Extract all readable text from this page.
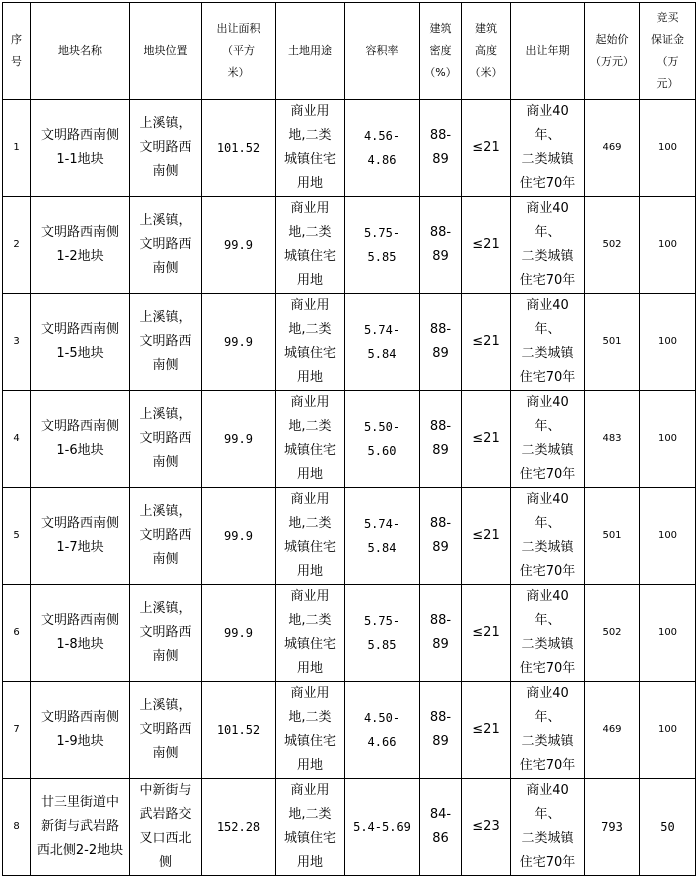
序
号	地块名称	地块位置	出让面积
（平方
米）	土地用途	容积率	建筑
密度
（%）	建筑
高度
（米）	出让年期	起始价
（万元）	竞买
保证金
（万
元）

1	文明路西南侧
1-1地块	上溪镇，
文明路西
南侧	101.52	商业用
地,二类
城镇住宅
用地	4.56-
4.86	88-
89	≤21	商业40
年、
二类城镇
住宅70年	469	100

2	文明路西南侧
1-2地块	上溪镇，
文明路西
南侧	99.9	商业用
地,二类
城镇住宅
用地	5.75-
5.85	88-
89	≤21	商业40
年、
二类城镇
住宅70年	502	100

3	文明路西南侧
1-5地块	上溪镇，
文明路西
南侧	99.9	商业用
地,二类
城镇住宅
用地	5.74-
5.84	88-
89	≤21	商业40
年、
二类城镇
住宅70年	501	100

4	文明路西南侧
1-6地块	上溪镇，
文明路西
南侧	99.9	商业用
地,二类
城镇住宅
用地	5.50-
5.60	88-
89	≤21	商业40
年、
二类城镇
住宅70年	483	100

5	文明路西南侧
1-7地块	上溪镇，
文明路西
南侧	99.9	商业用
地,二类
城镇住宅
用地	5.74-
5.84	88-
89	≤21	商业40
年、
二类城镇
住宅70年	501	100

6	文明路西南侧
1-8地块	上溪镇，
文明路西
南侧	99.9	商业用
地,二类
城镇住宅
用地	5.75-
5.85	88-
89	≤21	商业40
年、
二类城镇
住宅70年	502	100

7	文明路西南侧
1-9地块	上溪镇，
文明路西
南侧	101.52	商业用
地,二类
城镇住宅
用地	4.50-
4.66	88-
89	≤21	商业40
年、
二类城镇
住宅70年	469	100

8	廿三里街道中
新街与武岩路
西北侧2-2地块	中新街与
武岩路交
叉口西北
侧	152.28	商业用
地,二类
城镇住宅
用地	5.4-5.69	84-
86	≤23	商业40
年、
二类城镇
住宅70年	793	50
